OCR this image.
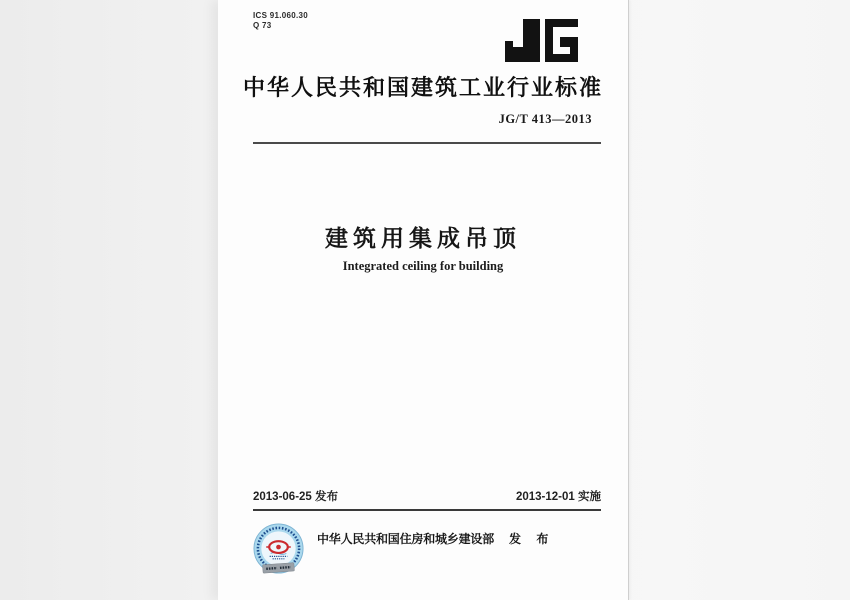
ICS 91.060.30
Q 73
中华人民共和国建筑工业行业标准
JG/T 413—2013
建筑用集成吊顶
Integrated ceiling for building
2013-06-25 发布	2013-12-01 实施
中华人民共和国住房和城乡建设部 发 布
